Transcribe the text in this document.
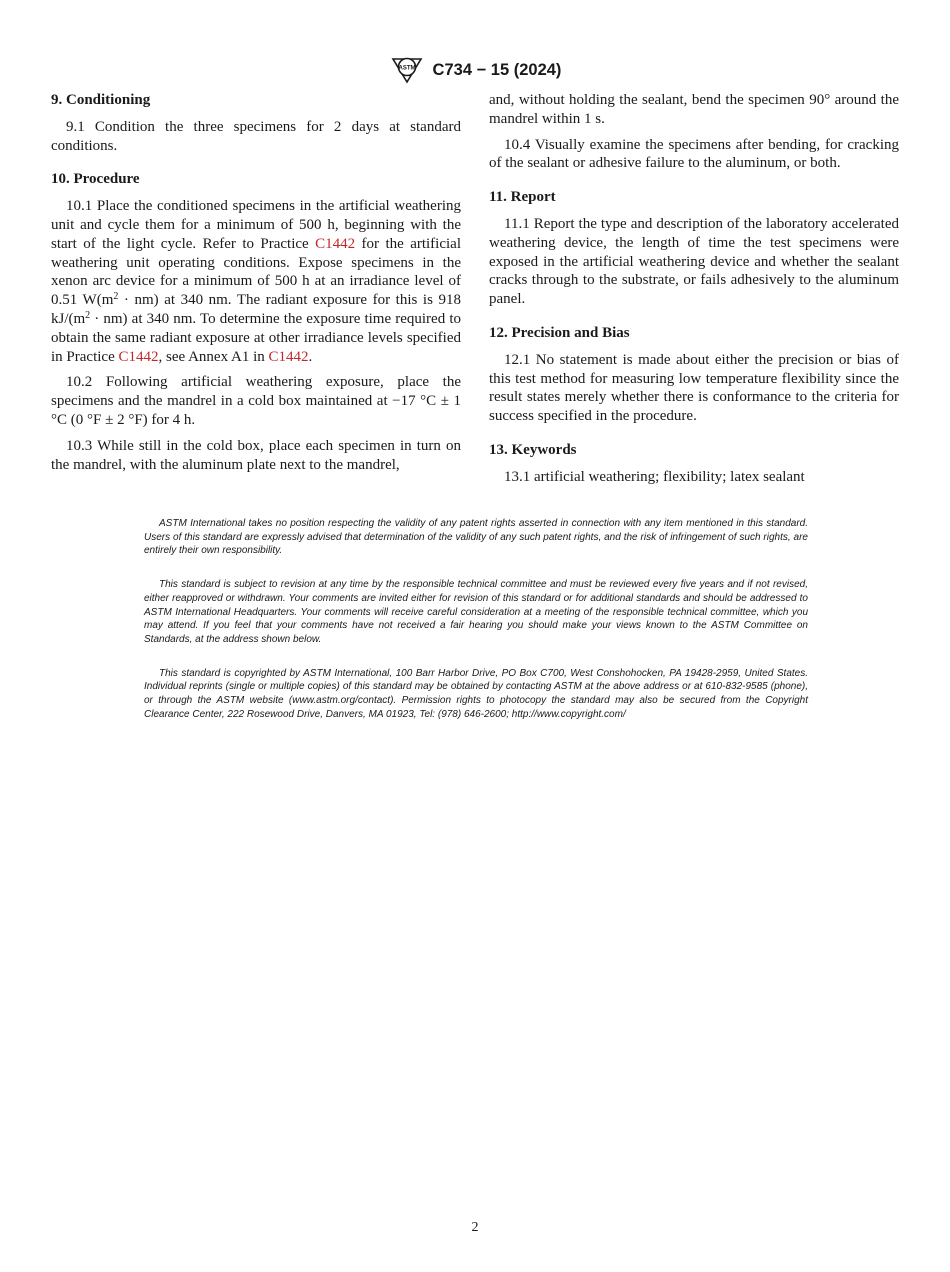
ASTM C734 − 15 (2024)
9. Conditioning

9.1 Condition the three specimens for 2 days at standard conditions.

10. Procedure

10.1 Place the conditioned specimens in the artificial weathering unit and cycle them for a minimum of 500 h, beginning with the start of the light cycle. Refer to Practice C1442 for the artificial weathering unit operating conditions. Expose specimens in the xenon arc device for a minimum of 500 h at an irradiance level of 0.51 $W(m^2 \cdot nm)$ at 340 nm. The radiant exposure for this is 918 $kJ/(m^2 \cdot nm)$ at 340 nm. To determine the exposure time required to obtain the same radiant exposure at other irradiance levels specified in Practice C1442, see Annex A1 in C1442.

10.2 Following artificial weathering exposure, place the specimens and the mandrel in a cold box maintained at −17 °C ± 1 °C (0 °F ± 2 °F) for 4 h.

10.3 While still in the cold box, place each specimen in turn on the mandrel, with the aluminum plate next to the mandrel,

and, without holding the sealant, bend the specimen 90° around the mandrel within 1 s.

10.4 Visually examine the specimens after bending, for cracking of the sealant or adhesive failure to the aluminum, or both.

11. Report

11.1 Report the type and description of the laboratory accelerated weathering device, the length of time the test specimens were exposed in the artificial weathering device and whether the sealant cracks through to the substrate, or fails adhesively to the aluminum panel.

12. Precision and Bias

12.1 No statement is made about either the precision or bias of this test method for measuring low temperature flexibility since the result states merely whether there is conformance to the criteria for success specified in the procedure.

13. Keywords

13.1 artificial weathering; flexibility; latex sealant

ASTM International takes no position respecting the validity of any patent rights asserted in connection with any item mentioned in this standard. Users of this standard are expressly advised that determination of the validity of any such patent rights, and the risk of infringement of such rights, are entirely their own responsibility.

This standard is subject to revision at any time by the responsible technical committee and must be reviewed every five years and if not revised, either reapproved or withdrawn. Your comments are invited either for revision of this standard or for additional standards and should be addressed to ASTM International Headquarters. Your comments will receive careful consideration at a meeting of the responsible technical committee, which you may attend. If you feel that your comments have not received a fair hearing you should make your views known to the ASTM Committee on Standards, at the address shown below.

This standard is copyrighted by ASTM International, 100 Barr Harbor Drive, PO Box C700, West Conshohocken, PA 19428-2959, United States. Individual reprints (single or multiple copies) of this standard may be obtained by contacting ASTM at the above address or at 610-832-9585 (phone), or through the ASTM website (www.astm.org/contact). Permission rights to photocopy the standard may also be secured from the Copyright Clearance Center, 222 Rosewood Drive, Danvers, MA 01923, Tel: (978) 646-2600; http://www.copyright.com/

2
